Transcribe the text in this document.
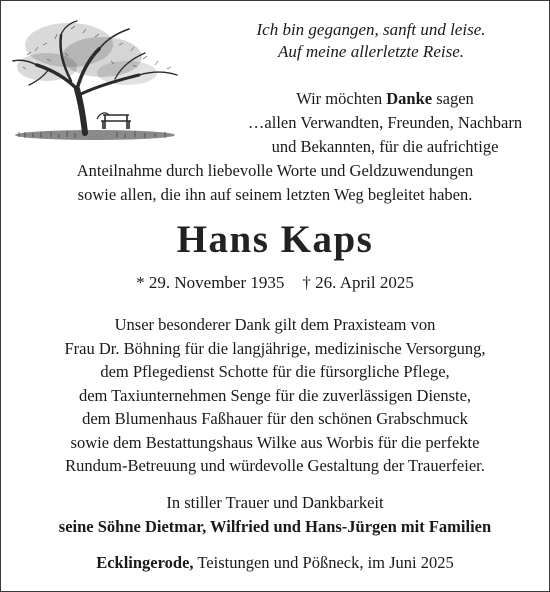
Ich bin gegangen, sanft und leise.
Auf meine allerletzte Reise.
Wir möchten Danke sagen
…allen Verwandten, Freunden, Nachbarn
und Bekannten, für die aufrichtige
Anteilnahme durch liebevolle Worte und Geldzuwendungen
sowie allen, die ihn auf seinem letzten Weg begleitet haben.
Hans Kaps
* 29. November 1935 † 26. April 2025
Unser besonderer Dank gilt dem Praxisteam von
Frau Dr. Böhning für die langjährige, medizinische Versorgung,
dem Pflegedienst Schotte für die fürsorgliche Pflege,
dem Taxiunternehmen Senge für die zuverlässigen Dienste,
dem Blumenhaus Faßhauer für den schönen Grabschmuck
sowie dem Bestattungshaus Wilke aus Worbis für die perfekte
Rundum-Betreuung und würdevolle Gestaltung der Trauerfeier.
In stiller Trauer und Dankbarkeit
seine Söhne Dietmar, Wilfried und Hans-Jürgen mit Familien
Ecklingerode, Teistungen und Pößneck, im Juni 2025
